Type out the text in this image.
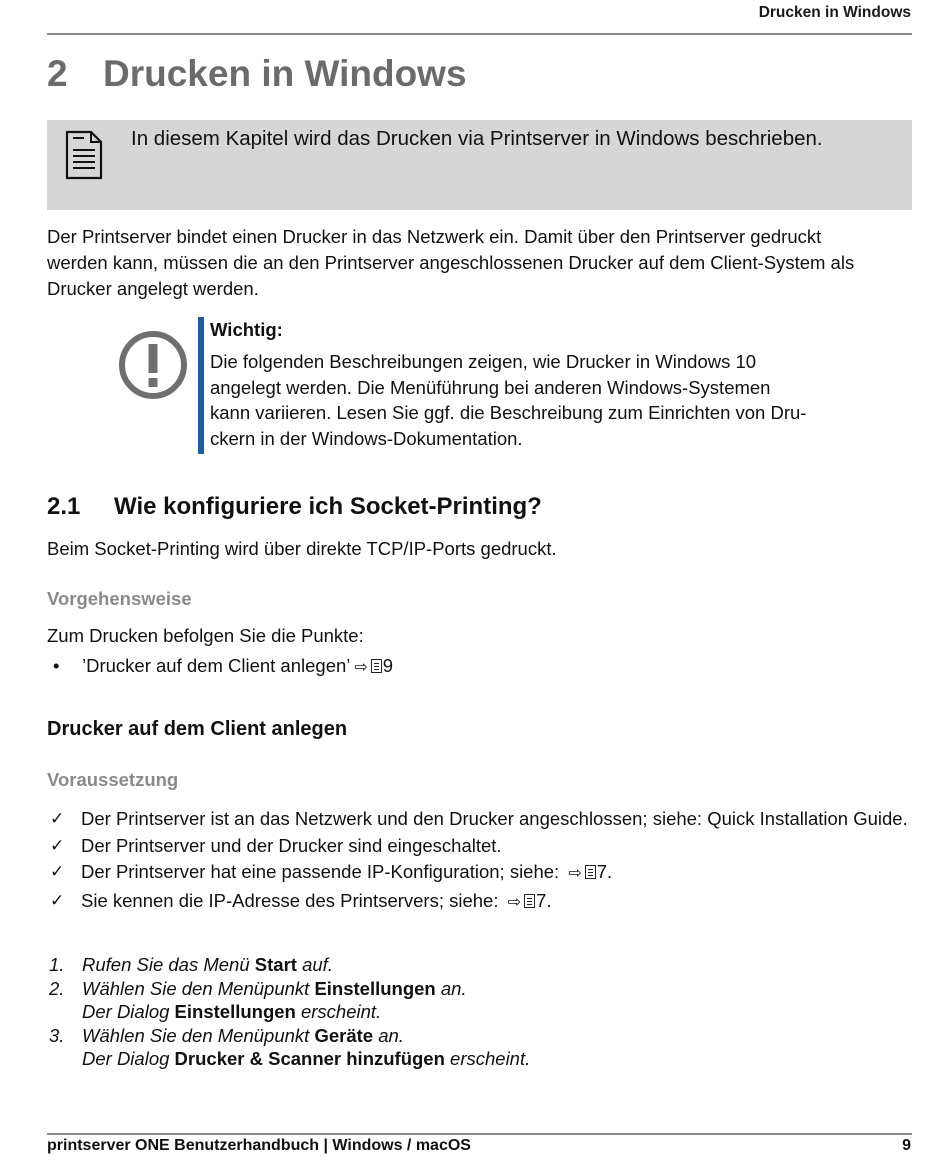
Drucken in Windows
2 Drucken in Windows
In diesem Kapitel wird das Drucken via Printserver in Windows beschrieben.
Der Printserver bindet einen Drucker in das Netzwerk ein. Damit über den Printserver gedruckt
werden kann, müssen die an den Printserver angeschlossenen Drucker auf dem Client-System als
Drucker angelegt werden.
Wichtig:
Die folgenden Beschreibungen zeigen, wie Drucker in Windows 10
angelegt werden. Die Menüführung bei anderen Windows-Systemen
kann variieren. Lesen Sie ggf. die Beschreibung zum Einrichten von Dru-
ckern in der Windows-Dokumentation.
2.1 Wie konfiguriere ich Socket-Printing?
Beim Socket-Printing wird über direkte TCP/IP-Ports gedruckt.
Vorgehensweise
Zum Drucken befolgen Sie die Punkte:
• ’Drucker auf dem Client anlegen’ ⇨ 9
Drucker auf dem Client anlegen
Voraussetzung
✓ Der Printserver ist an das Netzwerk und den Drucker angeschlossen; siehe: Quick Installation Guide.
✓ Der Printserver und der Drucker sind eingeschaltet.
✓ Der Printserver hat eine passende IP-Konfiguration; siehe: ⇨ 7.
✓ Sie kennen die IP-Adresse des Printservers; siehe: ⇨ 7.
1. Rufen Sie das Menü Start auf.
2. Wählen Sie den Menüpunkt Einstellungen an.
Der Dialog Einstellungen erscheint.
3. Wählen Sie den Menüpunkt Geräte an.
Der Dialog Drucker & Scanner hinzufügen erscheint.
printserver ONE Benutzerhandbuch | Windows / macOS	9
